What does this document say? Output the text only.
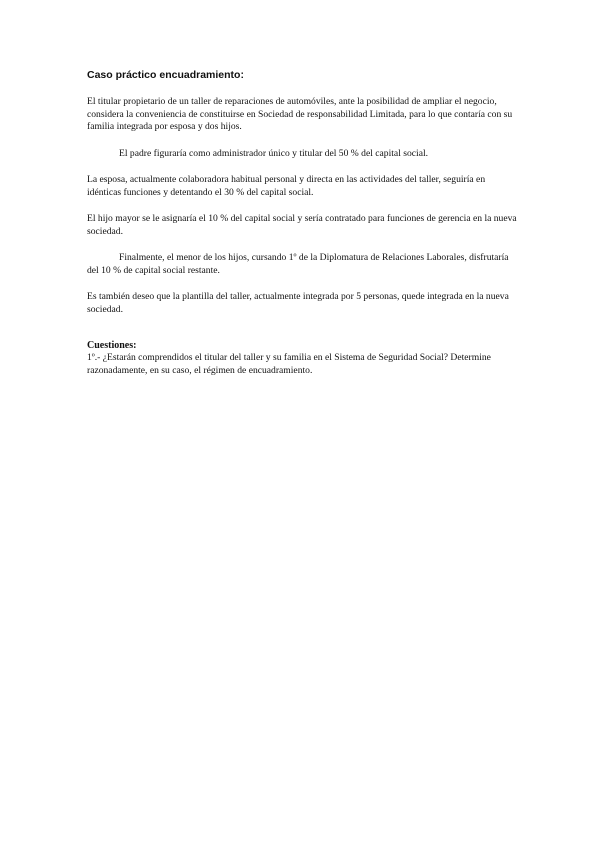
Caso práctico encuadramiento:

El titular propietario de un taller de reparaciones de automóviles, ante la posibilidad de ampliar el negocio, considera la conveniencia de constituirse en Sociedad de responsabilidad Limitada, para lo que contaría con su familia integrada por esposa y dos hijos.

El padre figuraría como administrador único y titular del 50 % del capital social.

La esposa, actualmente colaboradora habitual personal y directa en las actividades del taller, seguiría en idénticas funciones y detentando el 30 % del capital social.

El hijo mayor se le asignaría el 10 % del capital social y sería contratado para funciones de gerencia en la nueva sociedad.

Finalmente, el menor de los hijos, cursando 1º de la Diplomatura de Relaciones Laborales, disfrutaría del 10 % de capital social restante.

Es también deseo que la plantilla del taller, actualmente integrada por 5 personas, quede integrada en la nueva sociedad.

Cuestiones:

1º.- ¿Estarán comprendidos el titular del taller y su familia en el Sistema de Seguridad Social? Determine razonadamente, en su caso, el régimen de encuadramiento.
